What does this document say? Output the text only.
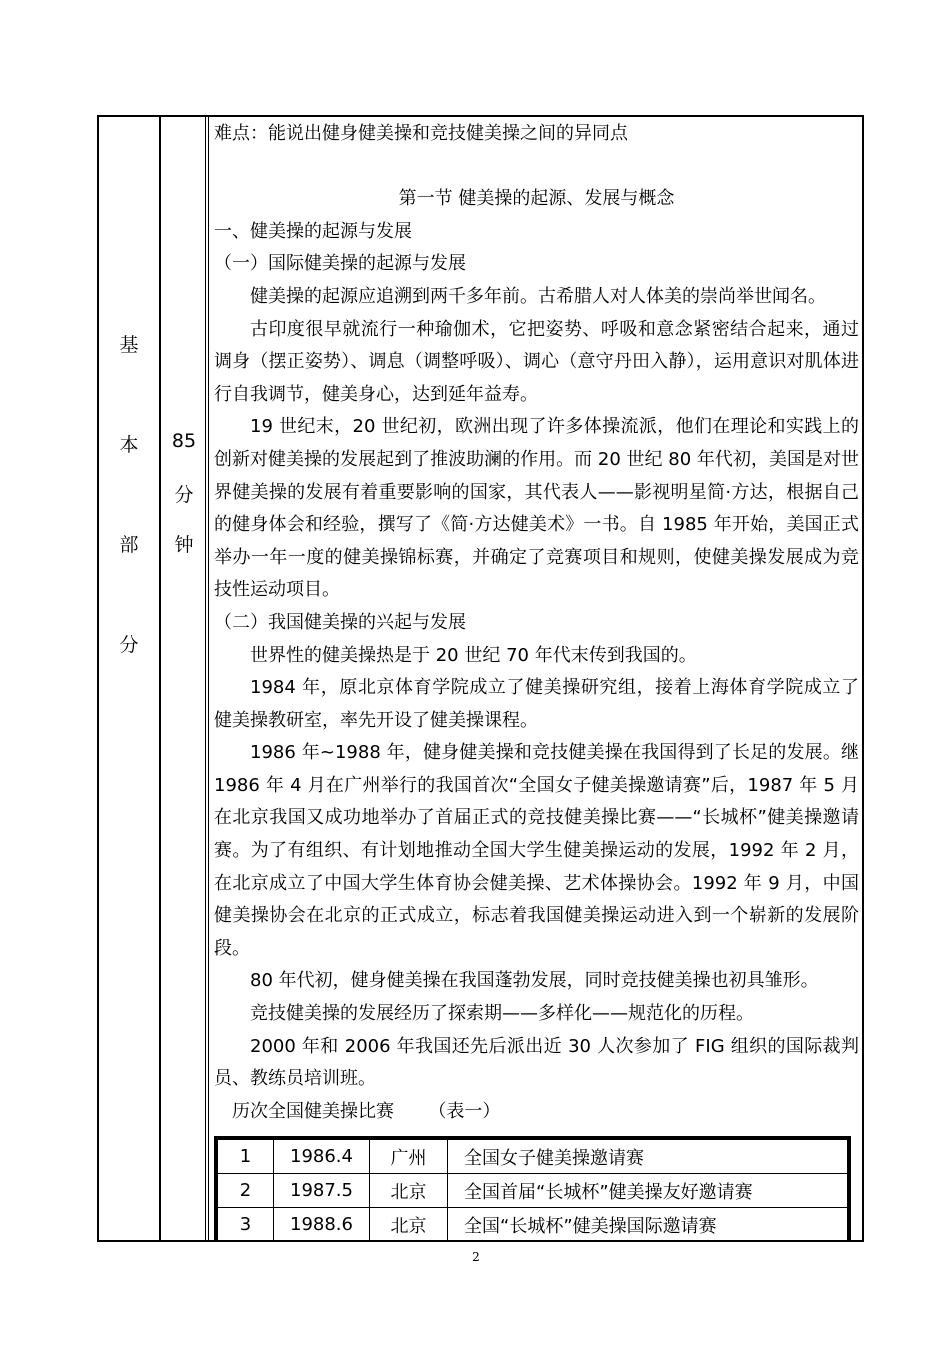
基
本
部
分
85
分
钟

难点：能说出健身健美操和竞技健美操之间的异同点

第一节 健美操的起源、发展与概念

一、健美操的起源与发展

（一）国际健美操的起源与发展

健美操的起源应追溯到两千多年前。古希腊人对人体美的崇尚举世闻名。

古印度很早就流行一种瑜伽术，它把姿势、呼吸和意念紧密结合起来，通过调身（摆正姿势）、调息（调整呼吸）、调心（意守丹田入静），运用意识对肌体进行自我调节，健美身心，达到延年益寿。

19 世纪末，20 世纪初，欧洲出现了许多体操流派，他们在理论和实践上的创新对健美操的发展起到了推波助澜的作用。而 20 世纪 80 年代初，美国是对世界健美操的发展有着重要影响的国家，其代表人——影视明星简·方达，根据自己的健身体会和经验，撰写了《简·方达健美术》一书。自 1985 年开始，美国正式举办一年一度的健美操锦标赛，并确定了竞赛项目和规则，使健美操发展成为竞技性运动项目。

（二）我国健美操的兴起与发展

世界性的健美操热是于 20 世纪 70 年代末传到我国的。

1984 年，原北京体育学院成立了健美操研究组，接着上海体育学院成立了健美操教研室，率先开设了健美操课程。

1986 年~1988 年，健身健美操和竞技健美操在我国得到了长足的发展。继 1986 年 4 月在广州举行的我国首次“全国女子健美操邀请赛”后，1987 年 5 月在北京我国又成功地举办了首届正式的竞技健美操比赛——“长城杯”健美操邀请赛。为了有组织、有计划地推动全国大学生健美操运动的发展，1992 年 2 月，在北京成立了中国大学生体育协会健美操、艺术体操协会。1992 年 9 月，中国健美操协会在北京的正式成立，标志着我国健美操运动进入到一个崭新的发展阶段。

80 年代初，健身健美操在我国蓬勃发展，同时竞技健美操也初具雏形。

竞技健美操的发展经历了探索期——多样化——规范化的历程。

2000 年和 2006 年我国还先后派出近 30 人次参加了 FIG 组织的国际裁判员、教练员培训班。

历次全国健美操比赛      （表一）

1	1986.4	广州	全国女子健美操邀请赛
2	1987.5	北京	全国首届“长城杯”健美操友好邀请赛
3	1988.6	北京	全国“长城杯”健美操国际邀请赛
2
